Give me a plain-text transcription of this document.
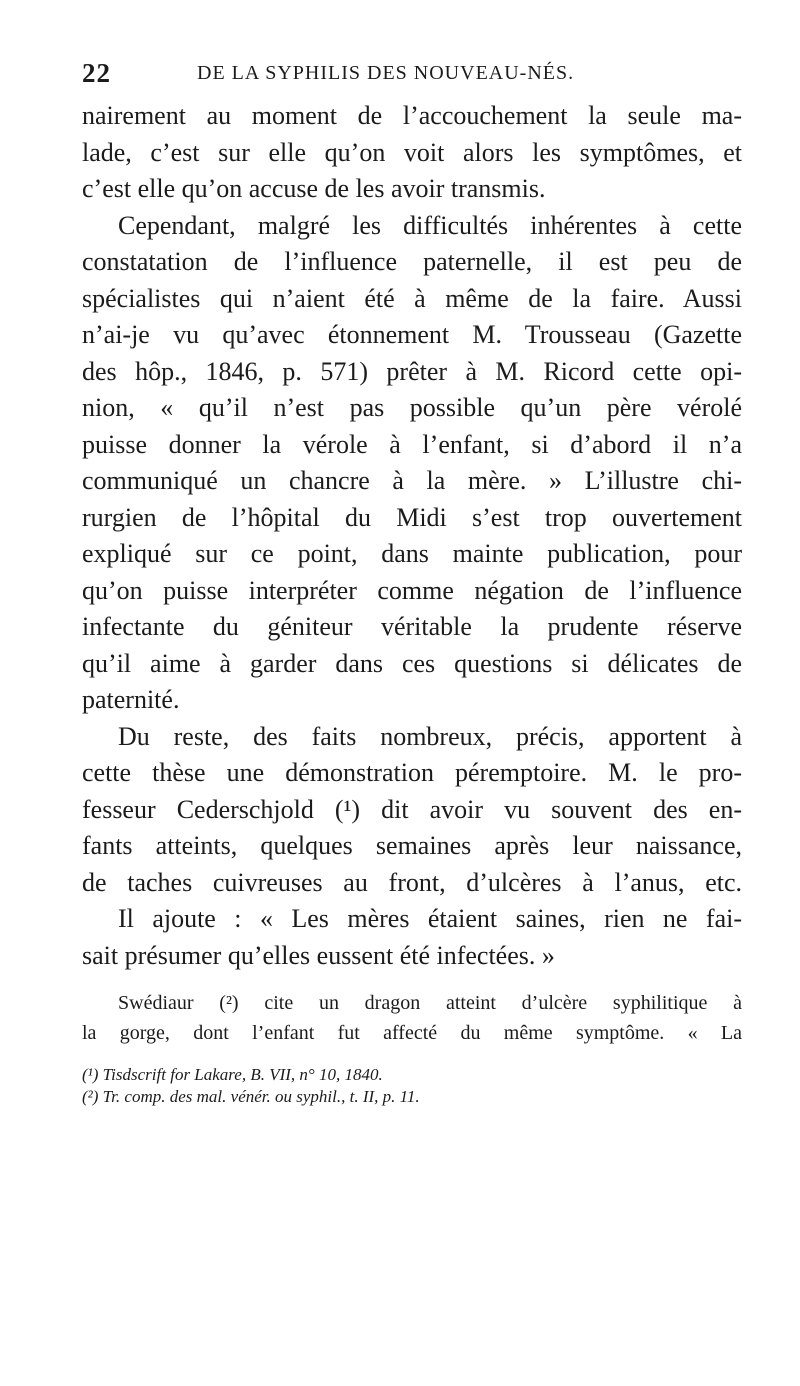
22	DE LA SYPHILIS DES NOUVEAU-NÉS.
nairement au moment de l’accouchement la seule ma-
lade, c’est sur elle qu’on voit alors les symptômes, et
c’est elle qu’on accuse de les avoir transmis.
Cependant, malgré les difficultés inhérentes à cette
constatation de l’influence paternelle, il est peu de
spécialistes qui n’aient été à même de la faire. Aussi
n’ai-je vu qu’avec étonnement M. Trousseau (Gazette
des hôp., 1846, p. 571) prêter à M. Ricord cette opi-
nion, « qu’il n’est pas possible qu’un père vérolé
puisse donner la vérole à l’enfant, si d’abord il n’a
communiqué un chancre à la mère. » L’illustre chi-
rurgien de l’hôpital du Midi s’est trop ouvertement
expliqué sur ce point, dans mainte publication, pour
qu’on puisse interpréter comme négation de l’influence
infectante du géniteur véritable la prudente réserve
qu’il aime à garder dans ces questions si délicates de
paternité.
Du reste, des faits nombreux, précis, apportent à
cette thèse une démonstration péremptoire. M. le pro-
fesseur Cederschjold (¹) dit avoir vu souvent des en-
fants atteints, quelques semaines après leur naissance,
de taches cuivreuses au front, d’ulcères à l’anus, etc.
Il ajoute : « Les mères étaient saines, rien ne fai-
sait présumer qu’elles eussent été infectées. »
Swédiaur (²) cite un dragon atteint d’ulcère syphilitique à
la gorge, dont l’enfant fut affecté du même symptôme. « La
(¹) Tisdscrift for Lakare, B. VII, n° 10, 1840.
(²) Tr. comp. des mal. vénér. ou syphil., t. II, p. 11.
